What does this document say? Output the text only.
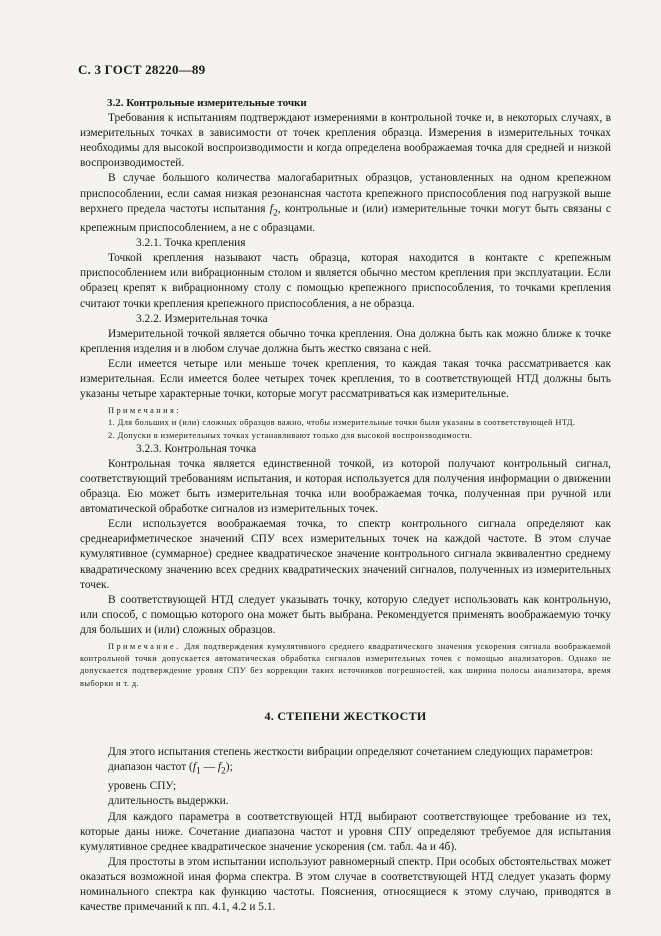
С. 3 ГОСТ 28220—89
3.2. Контрольные измерительные точки

Требования к испытаниям подтверждают измерениями в контрольной точке и, в некоторых случаях, в измерительных точках в зависимости от точек крепления образца. Измерения в измерительных точках необходимы для высокой воспроизводимости и когда определена воображаемая точка для средней и низкой воспроизводимостей.

В случае большого количества малогабаритных образцов, установленных на одном крепежном приспособлении, если самая низкая резонансная частота крепежного приспособления под нагрузкой выше верхнего предела частоты испытания $f_2$, контрольные и (или) измерительные точки могут быть связаны с крепежным приспособлением, а не с образцами.

3.2.1. Точка крепления

Точкой крепления называют часть образца, которая находится в контакте с крепежным приспособлением или вибрационным столом и является обычно местом крепления при эксплуатации. Если образец крепят к вибрационному столу с помощью крепежного приспособления, то точками крепления считают точки крепления крепежного приспособления, а не образца.

3.2.2. Измерительная точка

Измерительной точкой является обычно точка крепления. Она должна быть как можно ближе к точке крепления изделия и в любом случае должна быть жестко связана с ней.

Если имеется четыре или меньше точек крепления, то каждая такая точка рассматривается как измерительная. Если имеется более четырех точек крепления, то в соответствующей НТД должны быть указаны четыре характерные точки, которые могут рассматриваться как измерительные.

Примечания:

1. Для больших и (или) сложных образцов важно, чтобы измерительные точки были указаны в соответствующей НТД.

2. Допуски в измерительных точках устанавливают только для высокой воспроизводимости.

3.2.3. Контрольная точка

Контрольная точка является единственной точкой, из которой получают контрольный сигнал, соответствующий требованиям испытания, и которая используется для получения информации о движении образца. Ею может быть измерительная точка или воображаемая точка, полученная при ручной или автоматической обработке сигналов из измерительных точек.

Если используется воображаемая точка, то спектр контрольного сигнала определяют как среднеарифметическое значений СПУ всех измерительных точек на каждой частоте. В этом случае кумулятивное (суммарное) среднее квадратическое значение контрольного сигнала эквивалентно среднему квадратическому значению всех средних квадратических значений сигналов, полученных из измерительных точек.

В соответствующей НТД следует указывать точку, которую следует использовать как контрольную, или способ, с помощью которого она может быть выбрана. Рекомендуется применять воображаемую точку для больших и (или) сложных образцов.

Примечание. Для подтверждения кумулятивного среднего квадратического значения ускорения сигнала воображаемой контрольной точки допускается автоматическая обработка сигналов измерительных точек с помощью анализаторов. Однако не допускается подтверждение уровня СПУ без коррекции таких источников погрешностей, как ширина полосы анализатора, время выборки и т. д.

4. СТЕПЕНИ ЖЕСТКОСТИ

Для этого испытания степень жесткости вибрации определяют сочетанием следующих параметров:

диапазон частот ($f_1$ — $f_2$);

уровень СПУ;

длительность выдержки.

Для каждого параметра в соответствующей НТД выбирают соответствующее требование из тех, которые даны ниже. Сочетание диапазона частот и уровня СПУ определяют требуемое для испытания кумулятивное среднее квадратическое значение ускорения (см. табл. 4а и 4б).

Для простоты в этом испытании используют равномерный спектр. При особых обстоятельствах может оказаться возможной иная форма спектра. В этом случае в соответствующей НТД следует указать форму номинального спектра как функцию частоты. Пояснения, относящиеся к этому случаю, приводятся в качестве примечаний к пп. 4.1, 4.2 и 5.1.
